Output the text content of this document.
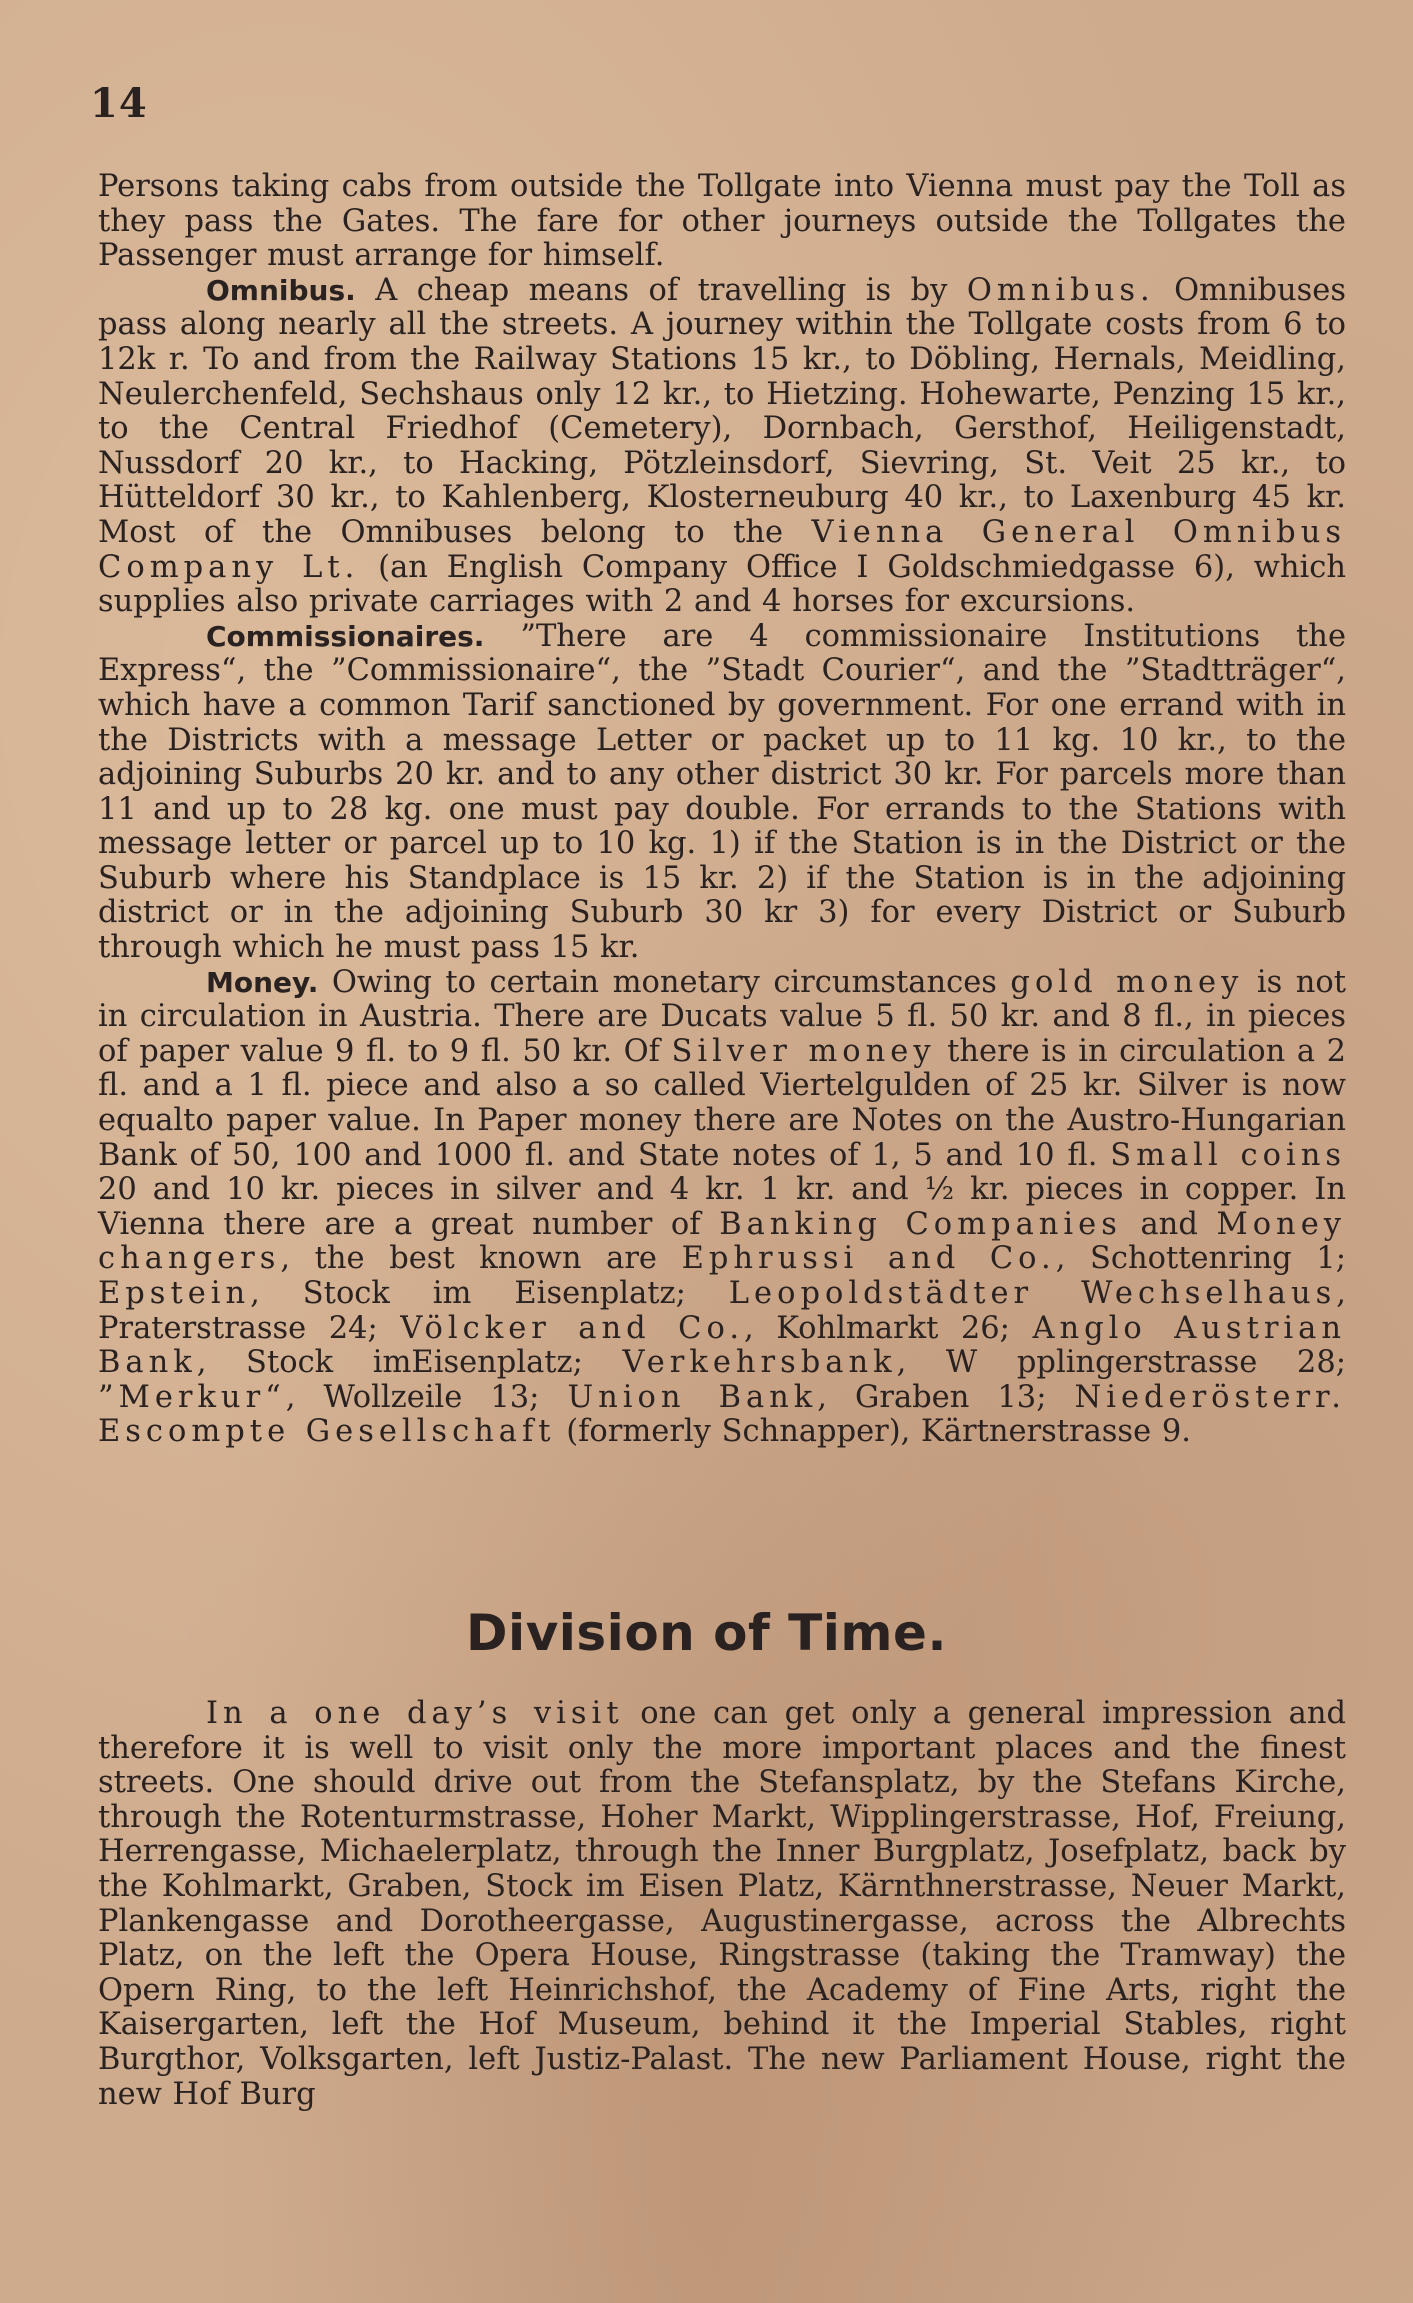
14

Persons taking cabs from outside the Tollgate into Vienna must pay the Toll as they pass the Gates. The fare for other journeys outside the Tollgates the Passenger must arrange for himself.

Omnibus. A cheap means of travelling is by Omnibus. Omnibuses pass along nearly all the streets. A journey within the Tollgate costs from 6 to 12k r. To and from the Railway Stations 15 kr., to Döbling, Hernals, Meidling, Neulerchenfeld, Sechshaus only 12 kr., to Hietzing. Hohewarte, Penzing 15 kr., to the Central Friedhof (Cemetery), Dornbach, Gersthof, Heiligenstadt, Nussdorf 20 kr., to Hacking, Pötzleinsdorf, Sievring, St. Veit 25 kr., to Hütteldorf 30 kr., to Kahlenberg, Klosterneuburg 40 kr., to Laxenburg 45 kr. Most of the Omnibuses belong to the Vienna General Omnibus Company Lt. (an English Company Office I Goldschmiedgasse 6), which supplies also private carriages with 2 and 4 horses for excursions.

Commissionaires. ”There are 4 commissionaire Institutions the Express“, the ”Commissionaire“, the ”Stadt Courier“, and the ”Stadtträger“, which have a common Tarif sanctioned by government. For one errand with in the Districts with a message Letter or packet up to 11 kg. 10 kr., to the adjoining Suburbs 20 kr. and to any other district 30 kr. For parcels more than 11 and up to 28 kg. one must pay double. For errands to the Stations with message letter or parcel up to 10 kg. 1) if the Station is in the District or the Suburb where his Standplace is 15 kr. 2) if the Station is in the adjoining district or in the adjoining Suburb 30 kr 3) for every District or Suburb through which he must pass 15 kr.

Money. Owing to certain monetary circumstances gold money is not in circulation in Austria. There are Ducats value 5 fl. 50 kr. and 8 fl., in pieces of paper value 9 fl. to 9 fl. 50 kr. Of Silver money there is in circulation a 2 fl. and a 1 fl. piece and also a so called Viertelgulden of 25 kr. Silver is now equalto paper value. In Paper money there are Notes on the Austro-Hungarian Bank of 50, 100 and 1000 fl. and State notes of 1, 5 and 10 fl. Small coins 20 and 10 kr. pieces in silver and 4 kr. 1 kr. and ½ kr. pieces in copper. In Vienna there are a great number of Banking Companies and Money changers, the best known are Ephrussi and Co., Schottenring 1; Epstein, Stock im Eisenplatz; Leopoldstädter Wechselhaus, Praterstrasse 24; Völcker and Co., Kohlmarkt 26; Anglo Austrian Bank, Stock imEisenplatz; Verkehrsbank, W pplingerstrasse 28; ”Merkur“, Wollzeile 13; Union Bank, Graben 13; Niederösterr. Escompte Gesellschaft (formerly Schnapper), Kärtnerstrasse 9.

Division of Time.

In a one day’s visit one can get only a general impression and therefore it is well to visit only the more important places and the finest streets. One should drive out from the Stefansplatz, by the Stefans Kirche, through the Rotenturmstrasse, Hoher Markt, Wipplingerstrasse, Hof, Freiung, Herrengasse, Michaelerplatz, through the Inner Burgplatz, Josefplatz, back by the Kohlmarkt, Graben, Stock im Eisen Platz, Kärnthnerstrasse, Neuer Markt, Plankengasse and Dorotheergasse, Augustinergasse, across the Albrechts Platz, on the left the Opera House, Ringstrasse (taking the Tramway) the Opern Ring, to the left Heinrichshof, the Academy of Fine Arts, right the Kaisergarten, left the Hof Museum, behind it the Imperial Stables, right Burgthor, Volksgarten, left Justiz-Palast. The new Parliament House, right the new Hof Burg
